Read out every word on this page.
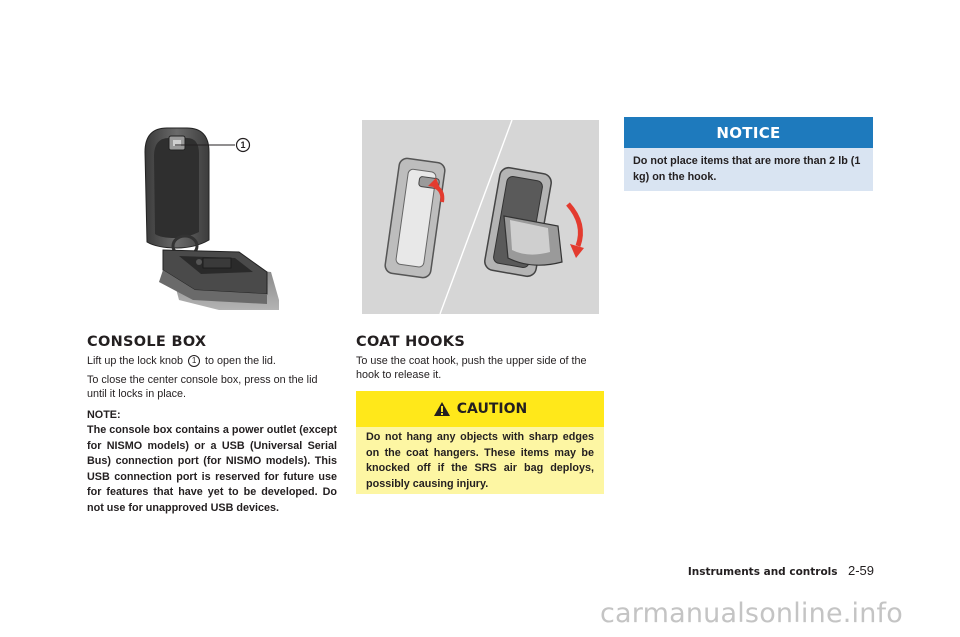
1
CONSOLE BOX
Lift up the lock knob 1 to open the lid.
To close the center console box, press on the lid until it locks in place.
NOTE:
The console box contains a power outlet (except for NISMO models) or a USB (Universal Serial Bus) connection port (for NISMO models). This USB connection port is reserved for future use for features that have yet to be developed. Do not use for unapproved USB devices.
COAT HOOKS
To use the coat hook, push the upper side of the hook to release it.
CAUTION
Do not hang any objects with sharp edges on the coat hangers. These items may be knocked off if the SRS air bag deploys, possibly causing injury.
NOTICE
Do not place items that are more than 2 lb (1 kg) on the hook.
Instruments and controls 2-59
carmanualsonline.info
